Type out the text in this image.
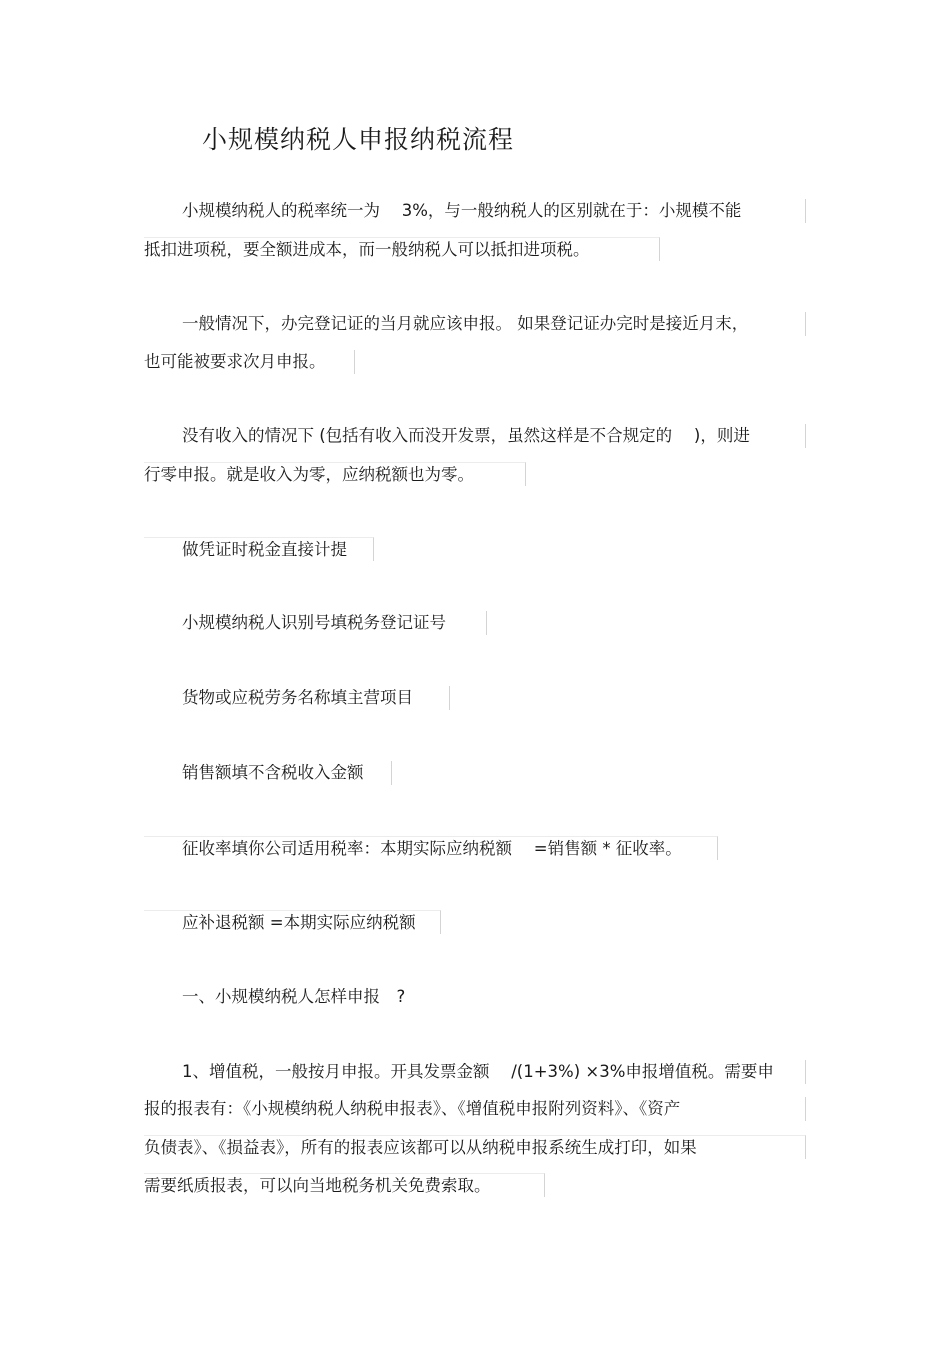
小规模纳税人申报纳税流程
小规模纳税人的税率统一为　 3%，与一般纳税人的区别就在于：小规模不能
抵扣进项税，要全额进成本，而一般纳税人可以抵扣进项税。
一般情况下，办完登记证的当月就应该申报。 如果登记证办完时是接近月末，
也可能被要求次月申报。
没有收入的情况下 (包括有收入而没开发票，虽然这样是不合规定的　 )，则进
行零申报。就是收入为零，应纳税额也为零。
做凭证时税金直接计提
小规模纳税人识别号填税务登记证号
货物或应税劳务名称填主营项目
销售额填不含税收入金额
征收率填你公司适用税率：本期实际应纳税额　 =销售额 * 征收率。
应补退税额 =本期实际应纳税额
一、小规模纳税人怎样申报　?
1、增值税，一般按月申报。开具发票金额　 /(1+3%) ×3%申报增值税。需要申
报的报表有：《小规模纳税人纳税申报表》、《增值税申报附列资料》、《资产
负债表》、《损益表》，所有的报表应该都可以从纳税申报系统生成打印，如果
需要纸质报表，可以向当地税务机关免费索取。
